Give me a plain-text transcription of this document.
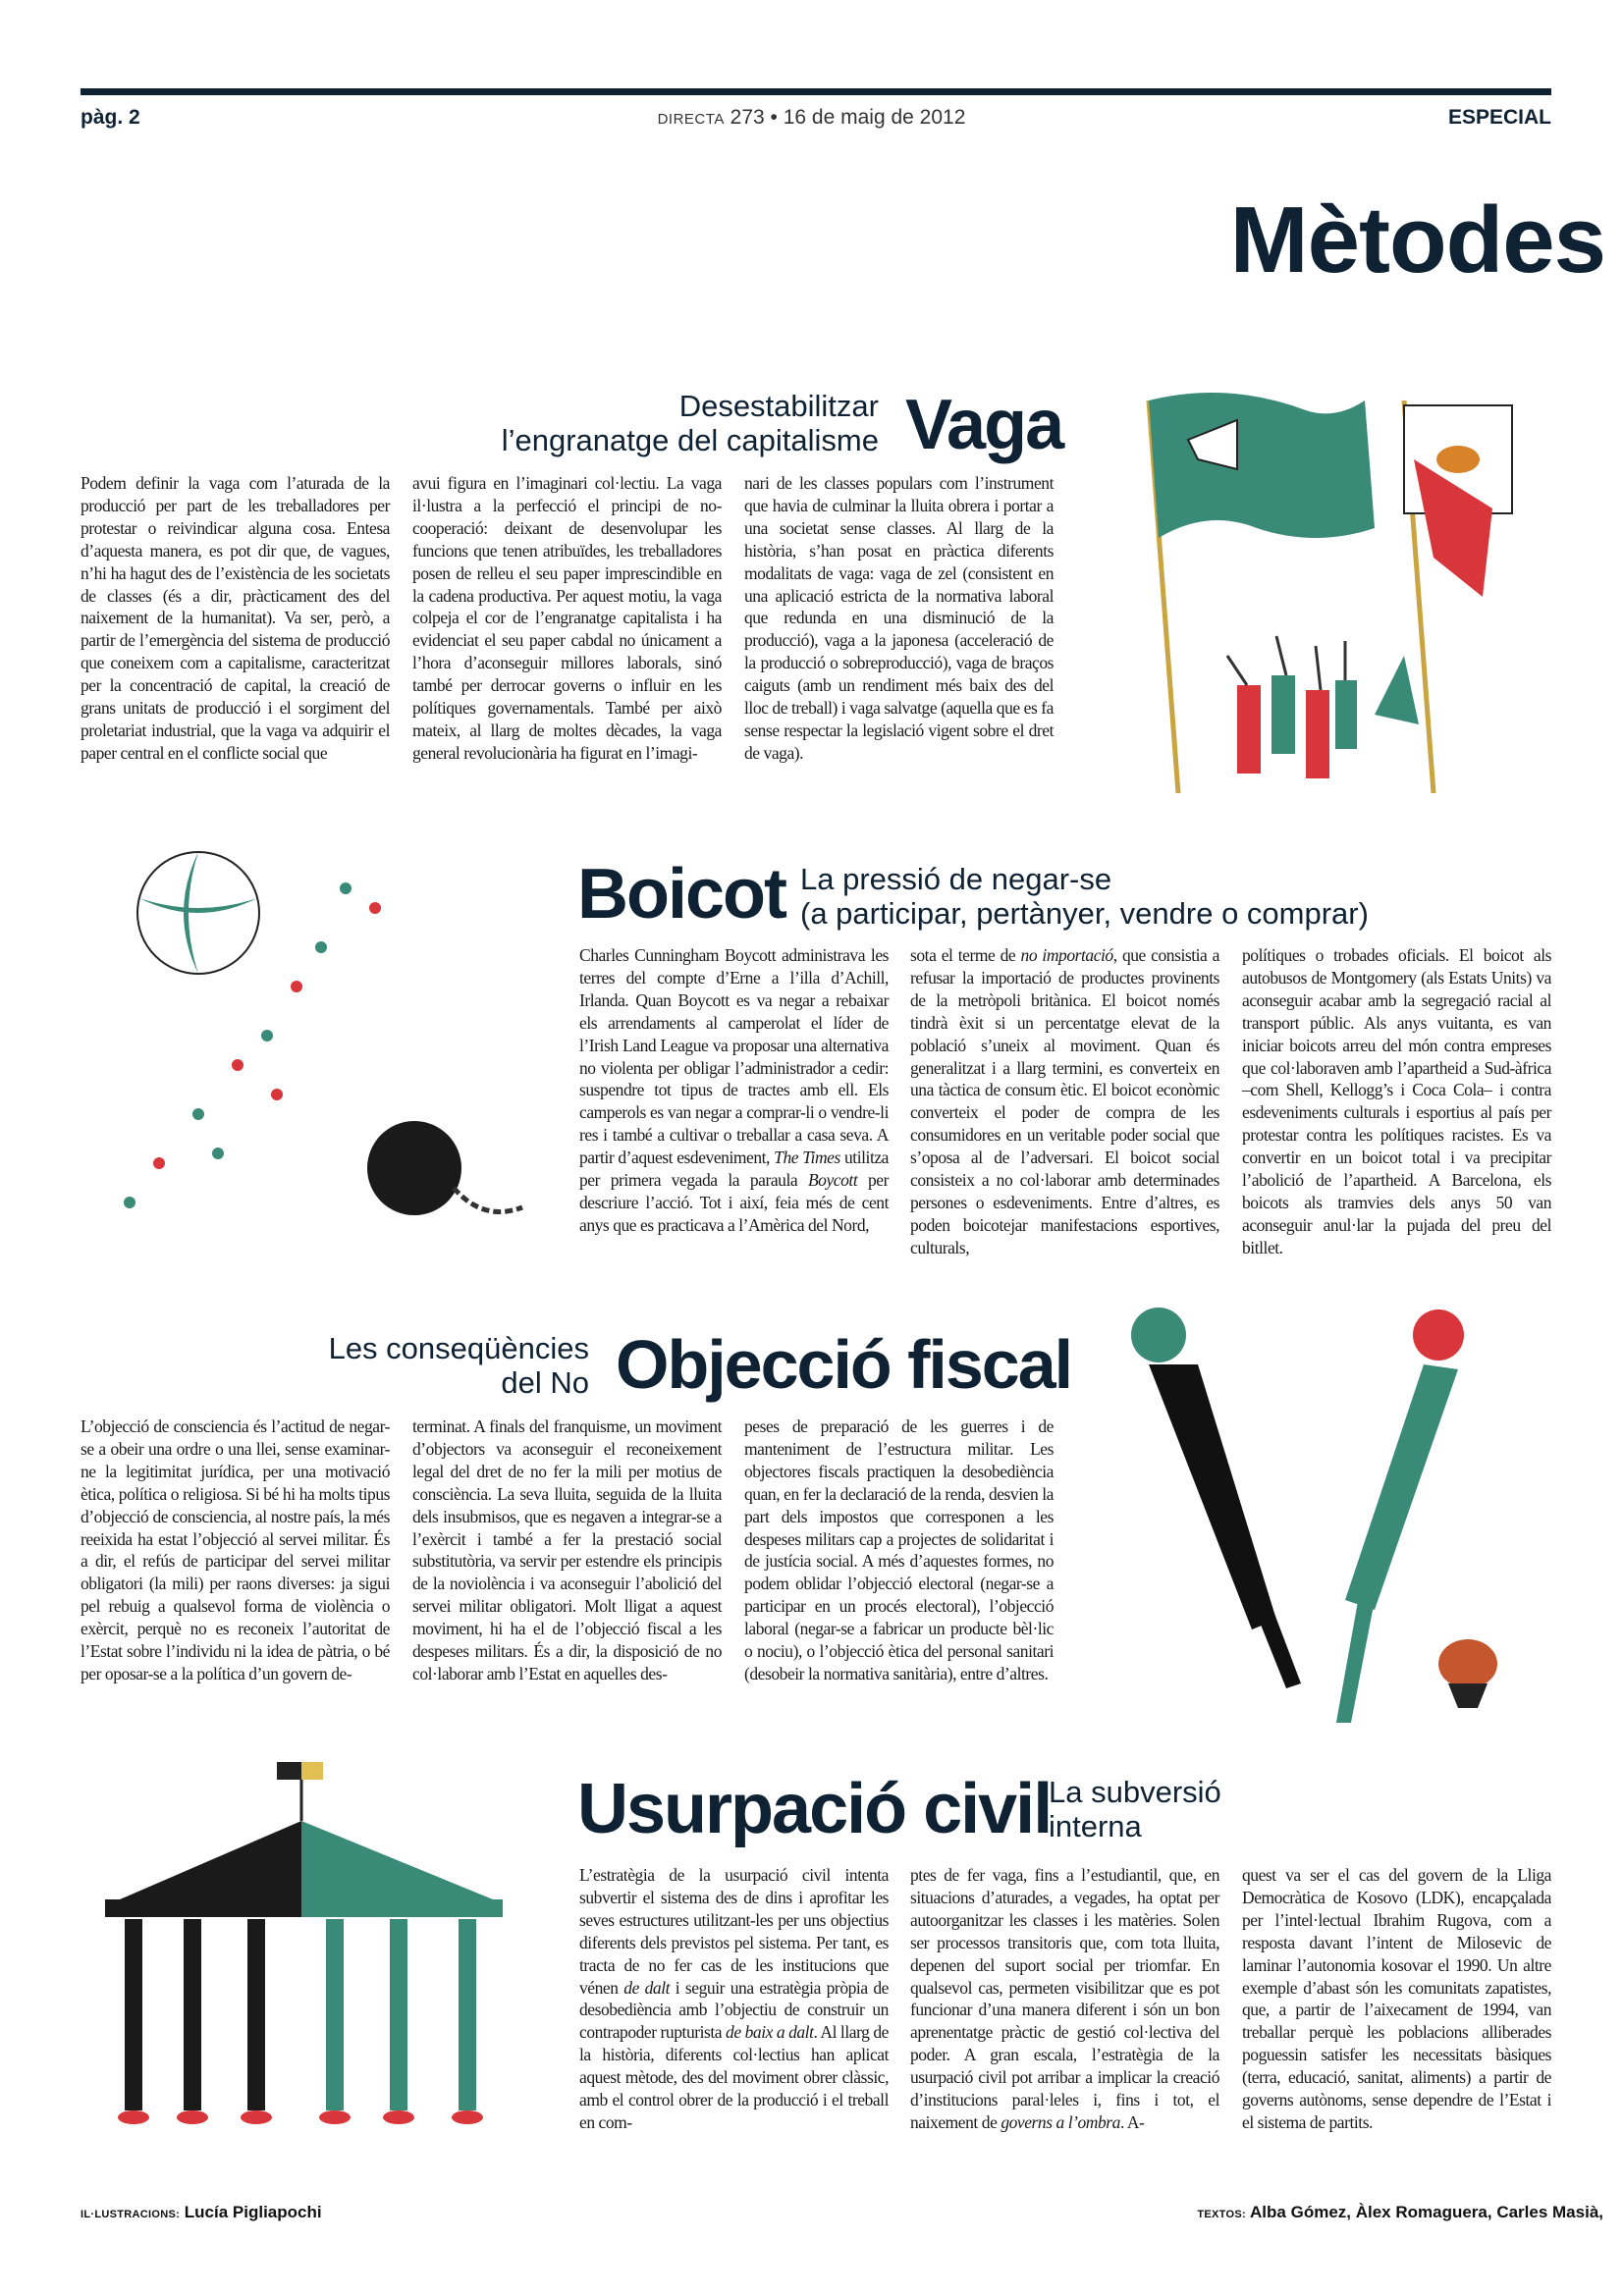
pàg. 2	DIRECTA 273 • 16 de maig de 2012	ESPECIAL
Mètodes
Desestabilitzar
l’engranatge del capitalisme Vaga
Podem definir la vaga com l’aturada de la producció per part de les treballadores per protestar o reivindicar alguna cosa. Entesa d’aquesta manera, es pot dir que, de vagues, n’hi ha hagut des de l’existència de les societats de classes (és a dir, pràcticament des del naixement de la humanitat). Va ser, però, a partir de l’emergència del sistema de producció que coneixem com a capitalisme, caracteritzat per la concentració de capital, la creació de grans unitats de producció i el sorgiment del proletariat industrial, que la vaga va adquirir el paper central en el conflicte social que
avui figura en l’imaginari col·lectiu. La vaga il·lustra a la perfecció el principi de no-cooperació: deixant de desenvolupar les funcions que tenen atribuïdes, les treballadores posen de relleu el seu paper imprescindible en la cadena productiva. Per aquest motiu, la vaga colpeja el cor de l’engranatge capitalista i ha evidenciat el seu paper cabdal no únicament a l’hora d’aconseguir millores laborals, sinó també per derrocar governs o influir en les polítiques governamentals. També per això mateix, al llarg de moltes dècades, la vaga general revolucionària ha figurat en l’imagi-
nari de les classes populars com l’instrument que havia de culminar la lluita obrera i portar a una societat sense classes. Al llarg de la història, s’han posat en pràctica diferents modalitats de vaga: vaga de zel (consistent en una aplicació estricta de la normativa laboral que redunda en una disminució de la producció), vaga a la japonesa (acceleració de la producció o sobreproducció), vaga de braços caiguts (amb un rendiment més baix des del lloc de treball) i vaga salvatge (aquella que es fa sense respectar la legislació vigent sobre el dret de vaga).
Boicot La pressió de negar-se
(a participar, pertànyer, vendre o comprar)
Charles Cunningham Boycott administrava les terres del compte d’Erne a l’illa d’Achill, Irlanda. Quan Boycott es va negar a rebaixar els arrendaments al camperolat el líder de l’Irish Land League va proposar una alternativa no violenta per obligar l’administrador a cedir: suspendre tot tipus de tractes amb ell. Els camperols es van negar a comprar-li o vendre-li res i també a cultivar o treballar a casa seva. A partir d’aquest esdeveniment, The Times utilitza per primera vegada la paraula Boycott per descriure l’acció. Tot i així, feia més de cent anys que es practicava a l’Amèrica del Nord,
sota el terme de no importació, que consistia a refusar la importació de productes provinents de la metròpoli britànica. El boicot només tindrà èxit si un percentatge elevat de la població s’uneix al moviment. Quan és generalitzat i a llarg termini, es converteix en una tàctica de consum ètic. El boicot econòmic converteix el poder de compra de les consumidores en un veritable poder social que s’oposa al de l’adversari. El boicot social consisteix a no col·laborar amb determinades persones o esdeveniments. Entre d’altres, es poden boicotejar manifestacions esportives, culturals,
polítiques o trobades oficials. El boicot als autobusos de Montgomery (als Estats Units) va aconseguir acabar amb la segregació racial al transport públic. Als anys vuitanta, es van iniciar boicots arreu del món contra empreses que col·laboraven amb l’apartheid a Sud-àfrica –com Shell, Kellogg’s i Coca Cola– i contra esdeveniments culturals i esportius al país per protestar contra les polítiques racistes. Es va convertir en un boicot total i va precipitar l’abolició de l’apartheid. A Barcelona, els boicots als tramvies dels anys 50 van aconseguir anul·lar la pujada del preu del bitllet.
Les conseqüències
del No Objecció fiscal
L’objecció de consciencia és l’actitud de negar-se a obeir una ordre o una llei, sense examinar-ne la legitimitat jurídica, per una motivació ètica, política o religiosa. Si bé hi ha molts tipus d’objecció de consciencia, al nostre país, la més reeixida ha estat l’objecció al servei militar. És a dir, el refús de participar del servei militar obligatori (la mili) per raons diverses: ja sigui pel rebuig a qualsevol forma de violència o exèrcit, perquè no es reconeix l’autoritat de l’Estat sobre l’individu ni la idea de pàtria, o bé per oposar-se a la política d’un govern de-
terminat. A finals del franquisme, un moviment d’objectors va aconseguir el reconeixement legal del dret de no fer la mili per motius de consciència. La seva lluita, seguida de la lluita dels insubmisos, que es negaven a integrar-se a l’exèrcit i també a fer la prestació social substitutòria, va servir per estendre els principis de la noviolència i va aconseguir l’abolició del servei militar obligatori. Molt lligat a aquest moviment, hi ha el de l’objecció fiscal a les despeses militars. És a dir, la disposició de no col·laborar amb l’Estat en aquelles des-
peses de preparació de les guerres i de manteniment de l’estructura militar. Les objectores fiscals practiquen la desobediència quan, en fer la declaració de la renda, desvien la part dels impostos que corresponen a les despeses militars cap a projectes de solidaritat i de justícia social. A més d’aquestes formes, no podem oblidar l’objecció electoral (negar-se a participar en un procés electoral), l’objecció laboral (negar-se a fabricar un producte bèl·lic o nociu), o l’objecció ètica del personal sanitari (desobeir la normativa sanitària), entre d’altres.
Usurpació civil
La subversió
interna
L’estratègia de la usurpació civil intenta subvertir el sistema des de dins i aprofitar les seves estructures utilitzant-les per uns objectius diferents dels previstos pel sistema. Per tant, es tracta de no fer cas de les institucions que vénen de dalt i seguir una estratègia pròpia de desobediència amb l’objectiu de construir un contrapoder rupturista de baix a dalt. Al llarg de la història, diferents col·lectius han aplicat aquest mètode, des del moviment obrer clàssic, amb el control obrer de la producció i el treball en com-
ptes de fer vaga, fins a l’estudiantil, que, en situacions d’aturades, a vegades, ha optat per autoorganitzar les classes i les matèries. Solen ser processos transitoris que, com tota lluita, depenen del suport social per triomfar. En qualsevol cas, permeten visibilitzar que es pot funcionar d’una manera diferent i són un bon aprenentatge pràctic de gestió col·lectiva del poder. A gran escala, l’estratègia de la usurpació civil pot arribar a implicar la creació d’institucions paral·leles i, fins i tot, el naixement de governs a l’ombra. A-
quest va ser el cas del govern de la Lliga Democràtica de Kosovo (LDK), encapçalada per l’intel·lectual Ibrahim Rugova, com a resposta davant l’intent de Milosevic de laminar l’autonomia kosovar el 1990. Un altre exemple d’abast són les comunitats zapatistes, que, a partir de l’aixecament de 1994, van treballar perquè les poblacions alliberades poguessin satisfer les necessitats bàsiques (terra, educació, sanitat, aliments) a partir de governs autònoms, sense dependre de l’Estat i el sistema de partits.
IL·LUSTRACIONS: Lucía Pigliapochi	TEXTOS: Alba Gómez, Àlex Romaguera, Carles Masià,
